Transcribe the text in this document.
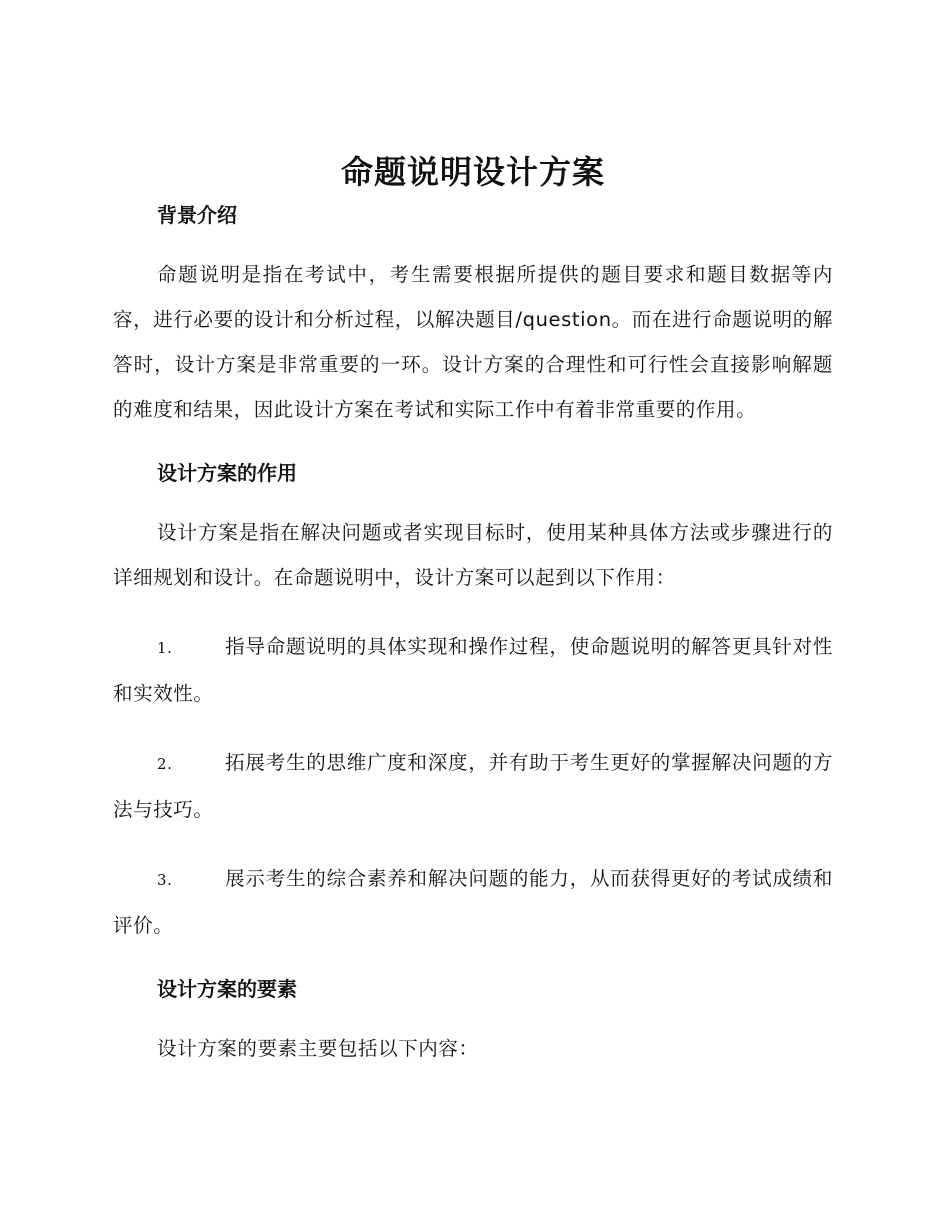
命题说明设计方案
背景介绍

命题说明是指在考试中，考生需要根据所提供的题目要求和题目数据等内容，进行必要的设计和分析过程，以解决题目/question。而在进行命题说明的解答时，设计方案是非常重要的一环。设计方案的合理性和可行性会直接影响解题的难度和结果，因此设计方案在考试和实际工作中有着非常重要的作用。

设计方案的作用

设计方案是指在解决问题或者实现目标时，使用某种具体方法或步骤进行的详细规划和设计。在命题说明中，设计方案可以起到以下作用：

1.	指导命题说明的具体实现和操作过程，使命题说明的解答更具针对性和实效性。

2.	拓展考生的思维广度和深度，并有助于考生更好的掌握解决问题的方法与技巧。

3.	展示考生的综合素养和解决问题的能力，从而获得更好的考试成绩和评价。

设计方案的要素

设计方案的要素主要包括以下内容：
